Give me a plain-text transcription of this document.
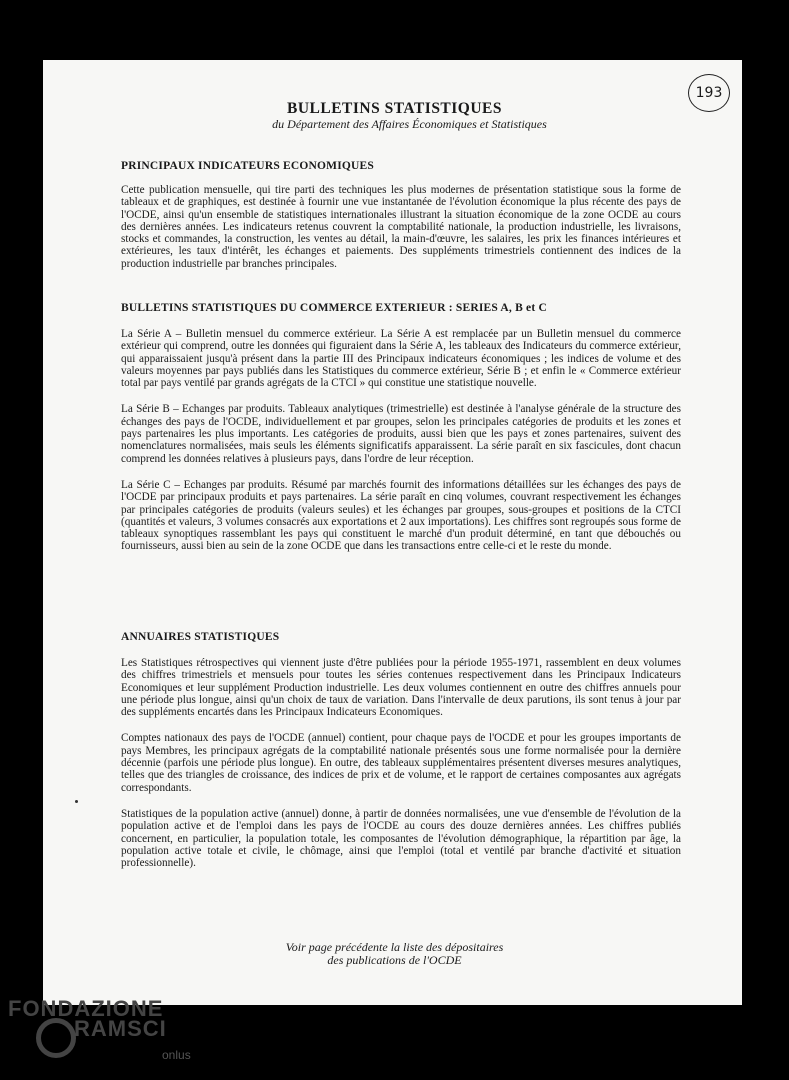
193
BULLETINS STATISTIQUES
du Département des Affaires Économiques et Statistiques
PRINCIPAUX INDICATEURS ECONOMIQUES

Cette publication mensuelle, qui tire parti des techniques les plus modernes de présentation statistique sous la forme de tableaux et de graphiques, est destinée à fournir une vue instantanée de l'évolution économique la plus récente des pays de l'OCDE, ainsi qu'un ensemble de statistiques internationales illustrant la situation économique de la zone OCDE au cours des dernières années. Les indicateurs retenus couvrent la comptabilité nationale, la production industrielle, les livraisons, stocks et commandes, la construction, les ventes au détail, la main-d'œuvre, les salaires, les prix les finances intérieures et extérieures, les taux d'intérêt, les échanges et paiements. Des suppléments trimestriels contiennent des indices de la production industrielle par branches principales.

BULLETINS STATISTIQUES DU COMMERCE EXTERIEUR : SERIES A, B et C

La Série A – Bulletin mensuel du commerce extérieur. La Série A est remplacée par un Bulletin mensuel du commerce extérieur qui comprend, outre les données qui figuraient dans la Série A, les tableaux des Indicateurs du commerce extérieur, qui apparaissaient jusqu'à présent dans la partie III des Principaux indicateurs économiques ; les indices de volume et des valeurs moyennes par pays publiés dans les Statistiques du commerce extérieur, Série B ; et enfin le « Commerce extérieur total par pays ventilé par grands agrégats de la CTCI » qui constitue une statistique nouvelle.

La Série B – Echanges par produits. Tableaux analytiques (trimestrielle) est destinée à l'analyse générale de la structure des échanges des pays de l'OCDE, individuellement et par groupes, selon les principales catégories de produits et les zones et pays partenaires les plus importants. Les catégories de produits, aussi bien que les pays et zones partenaires, suivent des nomenclatures normalisées, mais seuls les éléments significatifs apparaissent. La série paraît en six fascicules, dont chacun comprend les données relatives à plusieurs pays, dans l'ordre de leur réception.

La Série C – Echanges par produits. Résumé par marchés fournit des informations détaillées sur les échanges des pays de l'OCDE par principaux produits et pays partenaires. La série paraît en cinq volumes, couvrant respectivement les échanges par principales catégories de produits (valeurs seules) et les échanges par groupes, sous-groupes et positions de la CTCI (quantités et valeurs, 3 volumes consacrés aux exportations et 2 aux importations). Les chiffres sont regroupés sous forme de tableaux synoptiques rassemblant les pays qui constituent le marché d'un produit déterminé, en tant que débouchés ou fournisseurs, aussi bien au sein de la zone OCDE que dans les transactions entre celle-ci et le reste du monde.

ANNUAIRES STATISTIQUES

Les Statistiques rétrospectives qui viennent juste d'être publiées pour la période 1955-1971, rassemblent en deux volumes des chiffres trimestriels et mensuels pour toutes les séries contenues respectivement dans les Principaux Indicateurs Economiques et leur supplément Production industrielle. Les deux volumes contiennent en outre des chiffres annuels pour une période plus longue, ainsi qu'un choix de taux de variation. Dans l'intervalle de deux parutions, ils sont tenus à jour par des suppléments encartés dans les Principaux Indicateurs Economiques.

Comptes nationaux des pays de l'OCDE (annuel) contient, pour chaque pays de l'OCDE et pour les groupes importants de pays Membres, les principaux agrégats de la comptabilité nationale présentés sous une forme normalisée pour la dernière décennie (parfois une période plus longue). En outre, des tableaux supplémentaires présentent diverses mesures analytiques, telles que des triangles de croissance, des indices de prix et de volume, et le rapport de certaines composantes aux agrégats correspondants.

Statistiques de la population active (annuel) donne, à partir de données normalisées, une vue d'ensemble de l'évolution de la population active et de l'emploi dans les pays de l'OCDE au cours des douze dernières années. Les chiffres publiés concernent, en particulier, la population totale, les composantes de l'évolution démographique, la répartition par âge, la population active totale et civile, le chômage, ainsi que l'emploi (total et ventilé par branche d'activité et situation professionnelle).

Voir page précédente la liste des dépositaires
des publications de l'OCDE
FONDAZIONE
RAMSCI
onlus
